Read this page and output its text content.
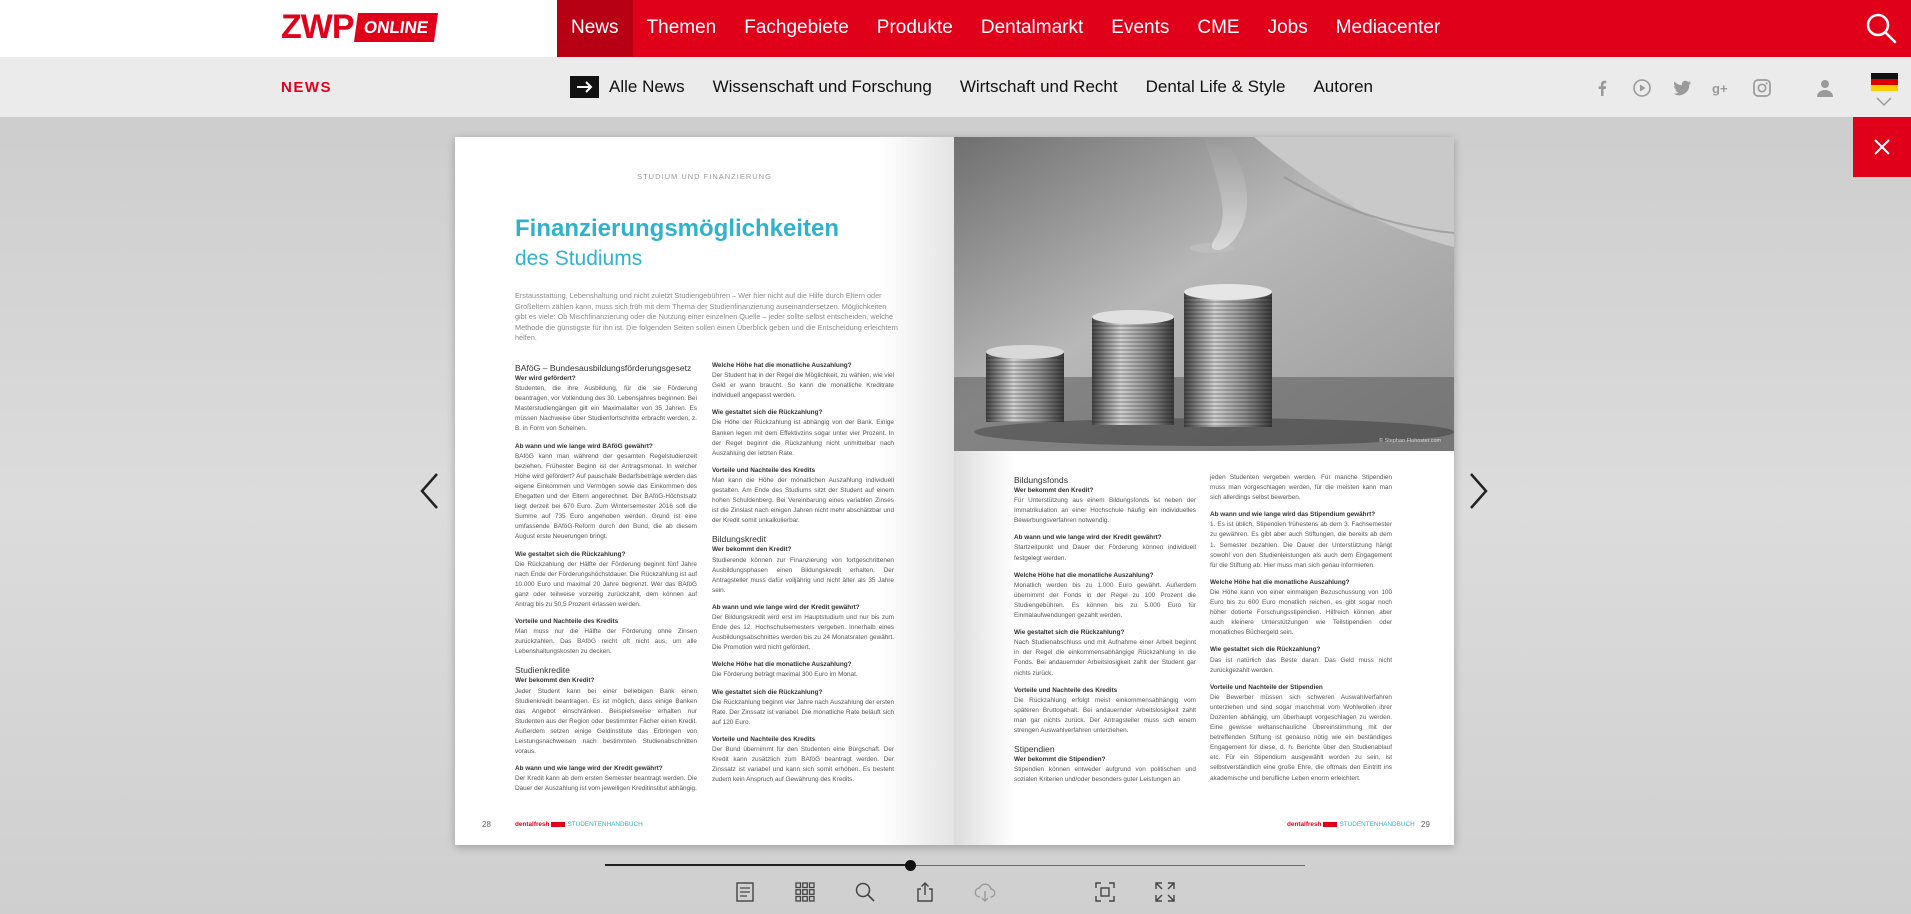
ZWP ONLINE	News	Themen	Fachgebiete	Produkte	Dentalmarkt	Events	CME	Jobs	Mediacenter
NEWS	Alle News Wissenschaft und Forschung Wirtschaft und Recht Dental Life & Style Autoren	g+
STUDIUM UND FINANZIERUNG
Finanzierungsmöglichkeiten
des Studiums
Erstausstattung, Lebenshaltung und nicht zuletzt Studiengebühren – Wer hier nicht auf die Hilfe durch Eltern oder Großeltern zählen kann, muss sich früh mit dem Thema der Studienfinanzierung auseinandersetzen. Möglichkeiten gibt es viele: Ob Mischfinanzierung oder die Nutzung einer einzelnen Quelle – jeder sollte selbst entscheiden, welche Methode die günstigste für ihn ist. Die folgenden Seiten sollen einen Überblick geben und die Entscheidung erleichtern helfen.
BAföG – Bundesausbildungsförderungsgesetz
Wer wird gefördert?

Studenten, die ihre Ausbildung, für die sie Förderung beantragen, vor Vollendung des 30. Lebensjahres beginnen. Bei Masterstudiengängen gilt ein Maximalalter von 35 Jahren. Es müssen Nachweise über Studienfortschritte erbracht werden, z. B. in Form von Scheinen.

Ab wann und wie lange wird BAföG gewährt?

BAföG kann man während der gesamten Regelstudienzeit beziehen. Frühester Beginn ist der Antragsmonat. In welcher Höhe wird gefördert? Auf pauschale Bedarfsbeträge werden das eigene Einkommen und Vermögen sowie das Einkommen des Ehegatten und der Eltern angerechnet. Der BAföG-Höchstsatz liegt derzeit bei 670 Euro. Zum Wintersemester 2016 soll die Summe auf 735 Euro angehoben werden. Grund ist eine umfassende BAföG-Reform durch den Bund, die ab diesem August erste Neuerungen bringt.

Wie gestaltet sich die Rückzahlung?

Die Rückzahlung der Hälfte der Förderung beginnt fünf Jahre nach Ende der Förderungshöchstdauer. Die Rückzahlung ist auf 10.000 Euro und maximal 20 Jahre begrenzt. Wer das BAföG ganz oder teilweise vorzeitig zurückzahlt, dem können auf Antrag bis zu 50,5 Prozent erlassen werden.

Vorteile und Nachteile des Kredits

Man muss nur die Hälfte der Förderung ohne Zinsen zurückzahlen. Das BAföG reicht oft nicht aus, um alle Lebenshaltungskosten zu decken.

Studienkredite
Wer bekommt den Kredit?

Jeder Student kann bei einer beliebigen Bank einen Studienkredit beantragen. Es ist möglich, dass einige Banken das Angebot einschränken. Beispielsweise erhalten nur Studenten aus der Region oder bestimmter Fächer einen Kredit. Außerdem setzen einige Geldinstitute das Erbringen von Leistungsnachweisen nach bestimmten Studienabschnitten voraus.

Ab wann und wie lange wird der Kredit gewährt?

Der Kredit kann ab dem ersten Semester beantragt werden. Die Dauer der Auszahlung ist vom jeweiligen Kreditinstitut abhängig.

Welche Höhe hat die monatliche Auszahlung?

Der Student hat in der Regel die Möglichkeit, zu wählen, wie viel Geld er wann braucht. So kann die monatliche Kreditrate individuell angepasst werden.

Wie gestaltet sich die Rückzahlung?

Die Höhe der Rückzahlung ist abhängig von der Bank. Einige Banken legen mit dem Effektivzins sogar unter vier Prozent. In der Regel beginnt die Rückzahlung nicht unmittelbar nach Auszahlung der letzten Rate.

Vorteile und Nachteile des Kredits

Man kann die Höhe der monatlichen Auszahlung individuell gestalten. Am Ende des Studiums sitzt der Student auf einem hohen Schuldenberg. Bei Vereinbarung eines variablen Zinses ist die Zinslast nach einigen Jahren nicht mehr abschätzbar und der Kredit somit unkalkulierbar.

Bildungskredit
Wer bekommt den Kredit?

Studierende können zur Finanzierung von fortgeschrittenen Ausbildungsphasen einen Bildungskredit erhalten. Der Antragsteller muss dafür volljährig und nicht älter als 35 Jahre sein.

Ab wann und wie lange wird der Kredit gewährt?

Der Bildungskredit wird erst im Hauptstudium und nur bis zum Ende des 12. Hochschulsemesters vergeben. Innerhalb eines Ausbildungsabschnittes werden bis zu 24 Monatsraten gewährt. Die Promotion wird nicht gefördert.

Welche Höhe hat die monatliche Auszahlung?

Die Förderung beträgt maximal 300 Euro im Monat.

Wie gestaltet sich die Rückzahlung?

Die Rückzahlung beginnt vier Jahre nach Auszahlung der ersten Rate. Der Zinssatz ist variabel. Die monatliche Rate beläuft sich auf 120 Euro.

Vorteile und Nachteile des Kredits

Der Bund übernimmt für den Studenten eine Bürgschaft. Der Kredit kann zusätzlich zum BAföG beantragt werden. Der Zinssatz ist variabel und kann sich somit erhöhen. Es besteht zudem kein Anspruch auf Gewährung des Kredits.

28	dentalfresh	STUDENTENHANDBUCH
© Stephan Flohoster.com
Bildungsfonds
Wer bekommt den Kredit?

Für Unterstützung aus einem Bildungsfonds ist neben der Immatrikulation an einer Hochschule häufig ein individuelles Bewerbungsverfahren notwendig.

Ab wann und wie lange wird der Kredit gewährt?

Startzeitpunkt und Dauer der Förderung können individuell festgelegt werden.

Welche Höhe hat die monatliche Auszahlung?

Monatlich werden bis zu 1.000 Euro gewährt. Außerdem übernimmt der Fonds in der Regel zu 100 Prozent die Studiengebühren. Es können bis zu 5.000 Euro für Einmalaufwendungen gezahlt werden.

Wie gestaltet sich die Rückzahlung?

Nach Studienabschluss und mit Aufnahme einer Arbeit beginnt in der Regel die einkommensabhängige Rückzahlung in die Fonds. Bei andauernder Arbeitslosigkeit zahlt der Student gar nichts zurück.

Vorteile und Nachteile des Kredits

Die Rückzahlung erfolgt meist einkommensabhängig vom späteren Bruttogehalt. Bei andauernder Arbeitslosigkeit zahlt man gar nichts zurück. Der Antragsteller muss sich einem strengen Auswahlverfahren unterziehen.

Stipendien
Wer bekommt die Stipendien?

Stipendien können entweder aufgrund von politischen und sozialen Kriterien und/oder besonders guter Leistungen an

jeden Studenten vergeben werden. Für manche Stipendien muss man vorgeschlagen werden, für die meisten kann man sich allerdings selbst bewerben.

Ab wann und wie lange wird das Stipendium gewährt?

1. Es ist üblich, Stipendien frühestens ab dem 3. Fachsemester zu gewähren. Es gibt aber auch Stiftungen, die bereits ab dem 1. Semester bezahlen. Die Dauer der Unterstützung hängt sowohl von den Studienleistungen als auch dem Engagement für die Stiftung ab. Hier muss man sich genau informieren.

Welche Höhe hat die monatliche Auszahlung?

Die Höhe kann von einer einmaligen Bezuschussung von 100 Euro bis zu 600 Euro monatlich reichen, es gibt sogar noch höher dotierte Forschungsstipendien. Hilfreich können aber auch kleinere Unterstützungen wie Teilstipendien oder monatliches Büchergeld sein.

Wie gestaltet sich die Rückzahlung?

Das ist natürlich das Beste daran: Das Geld muss nicht zurückgezahlt werden.

Vorteile und Nachteile der Stipendien

Die Bewerber müssen sich schweren Auswahlverfahren unterziehen und sind sogar manchmal vom Wohlwollen ihrer Dozenten abhängig, um überhaupt vorgeschlagen zu werden. Eine gewisse weltanschauliche Übereinstimmung mit der betreffenden Stiftung ist genauso nötig wie ein beständiges Engagement für diese, d. h. Berichte über den Studienablauf etc. Für ein Stipendium ausgewählt worden zu sein, ist selbstverständlich eine große Ehre, die oftmals den Eintritt ins akademische und berufliche Leben enorm erleichtert.

dentalfresh	STUDENTENHANDBUCH 29
